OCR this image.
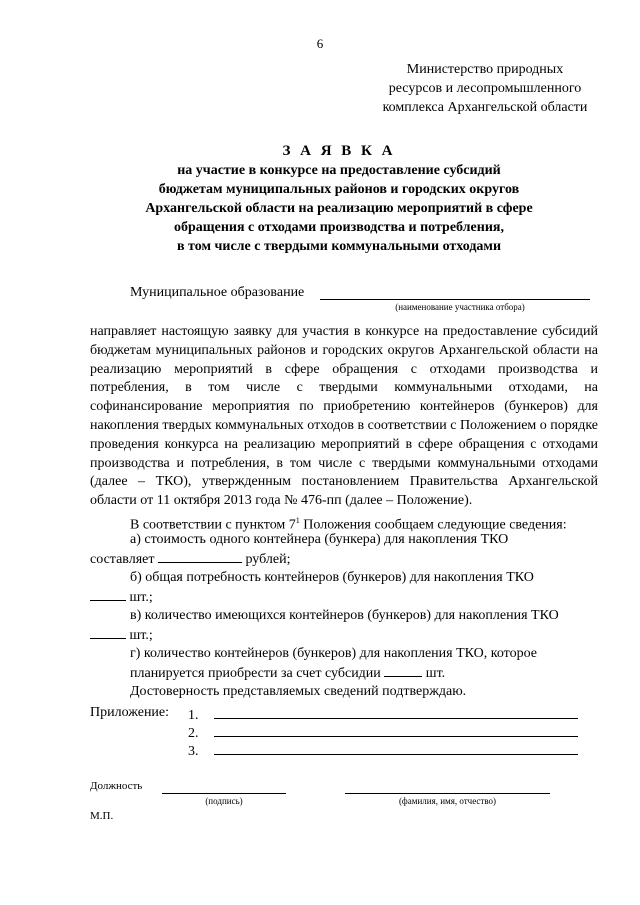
6
Министерство природных
ресурсов и лесопромышленного
комплекса Архангельской области
З А Я В К А
на участие в конкурсе на предоставление субсидий
бюджетам муниципальных районов и городских округов
Архангельской области на реализацию мероприятий в сфере
обращения с отходами производства и потребления,
в том числе с твердыми коммунальными отходами
Муниципальное образование
(наименование участника отбора)
направляет настоящую заявку для участия в конкурсе на предоставление субсидий бюджетам муниципальных районов и городских округов Архангельской области на реализацию мероприятий в сфере обращения с отходами производства и потребления, в том числе с твердыми коммунальными отходами, на софинансирование мероприятия по приобретению контейнеров (бункеров) для накопления твердых коммунальных отходов в соответствии с Положением о порядке проведения конкурса на реализацию мероприятий в сфере обращения с отходами производства и потребления, в том числе с твердыми коммунальными отходами (далее – ТКО), утвержденным постановлением Правительства Архангельской области от 11 октября 2013 года № 476-пп (далее – Положение).
В соответствии с пунктом $7^1$ Положения сообщаем следующие сведения:
а) стоимость одного контейнера (бункера) для накопления ТКО
составляет	рублей;
б) общая потребность контейнеров (бункеров) для накопления ТКО
шт.;
в) количество имеющихся контейнеров (бункеров) для накопления ТКО
шт.;
г) количество контейнеров (бункеров) для накопления ТКО, которое
планируется приобрести за счет субсидии	шт.
Достоверность представляемых сведений подтверждаю.
Приложение: 1.
2.
3.
Должность
(подпись)	(фамилия, имя, отчество)
М.П.
